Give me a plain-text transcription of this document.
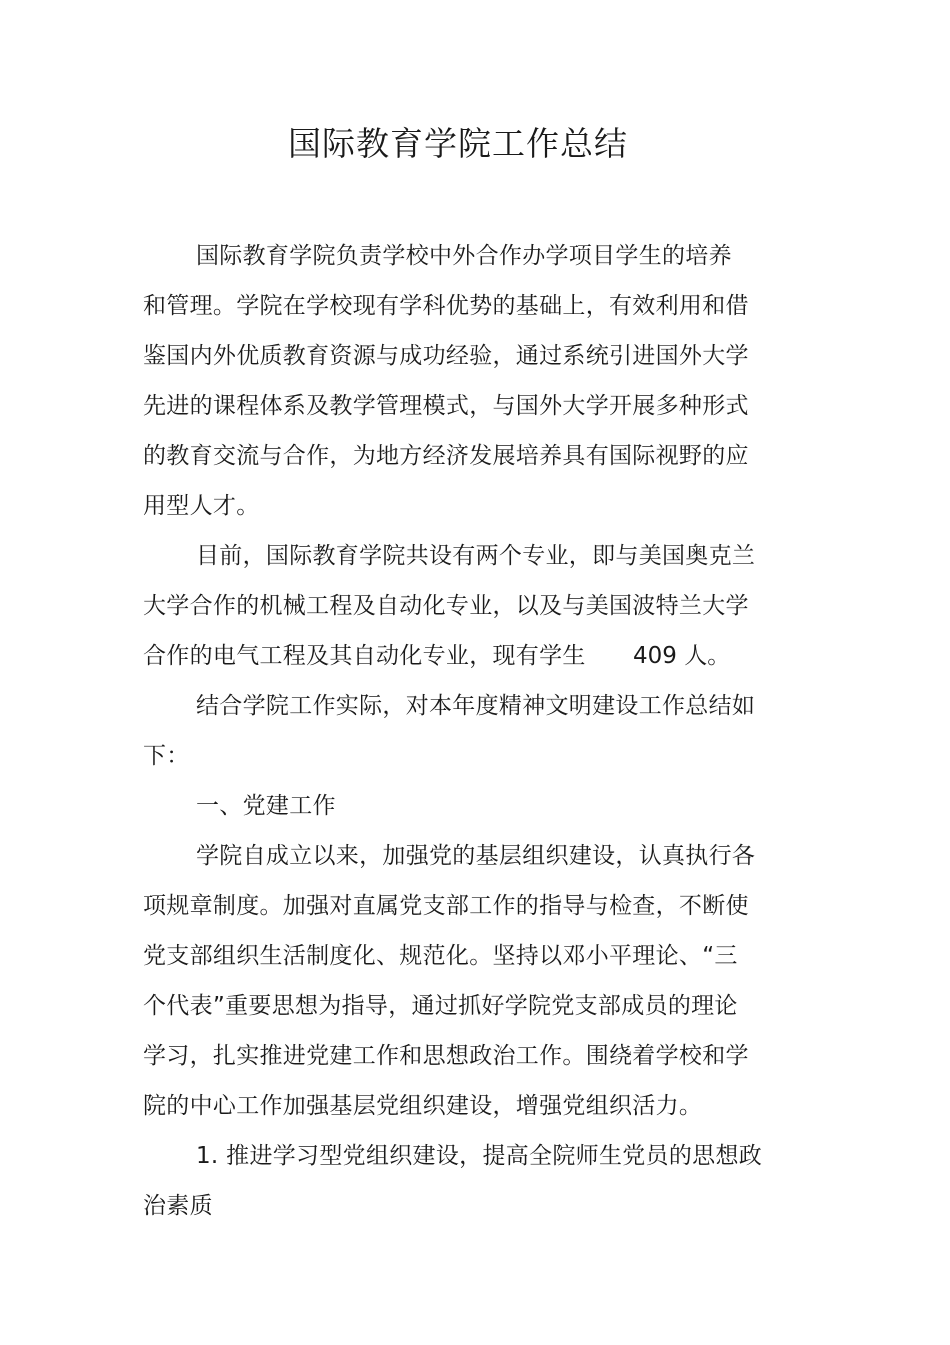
国际教育学院工作总结
国际教育学院负责学校中外合作办学项目学生的培养
和管理。学院在学校现有学科优势的基础上，有效利用和借
鉴国内外优质教育资源与成功经验，通过系统引进国外大学
先进的课程体系及教学管理模式，与国外大学开展多种形式
的教育交流与合作，为地方经济发展培养具有国际视野的应
用型人才。
目前，国际教育学院共设有两个专业，即与美国奥克兰
大学合作的机械工程及自动化专业，以及与美国波特兰大学
合作的电气工程及其自动化专业，现有学生 409 人。
结合学院工作实际，对本年度精神文明建设工作总结如
下：
一、党建工作
学院自成立以来，加强党的基层组织建设，认真执行各
项规章制度。加强对直属党支部工作的指导与检查，不断使
党支部组织生活制度化、规范化。坚持以邓小平理论、“三
个代表”重要思想为指导，通过抓好学院党支部成员的理论
学习，扎实推进党建工作和思想政治工作。围绕着学校和学
院的中心工作加强基层党组织建设，增强党组织活力。
1. 推进学习型党组织建设，提高全院师生党员的思想政
治素质
